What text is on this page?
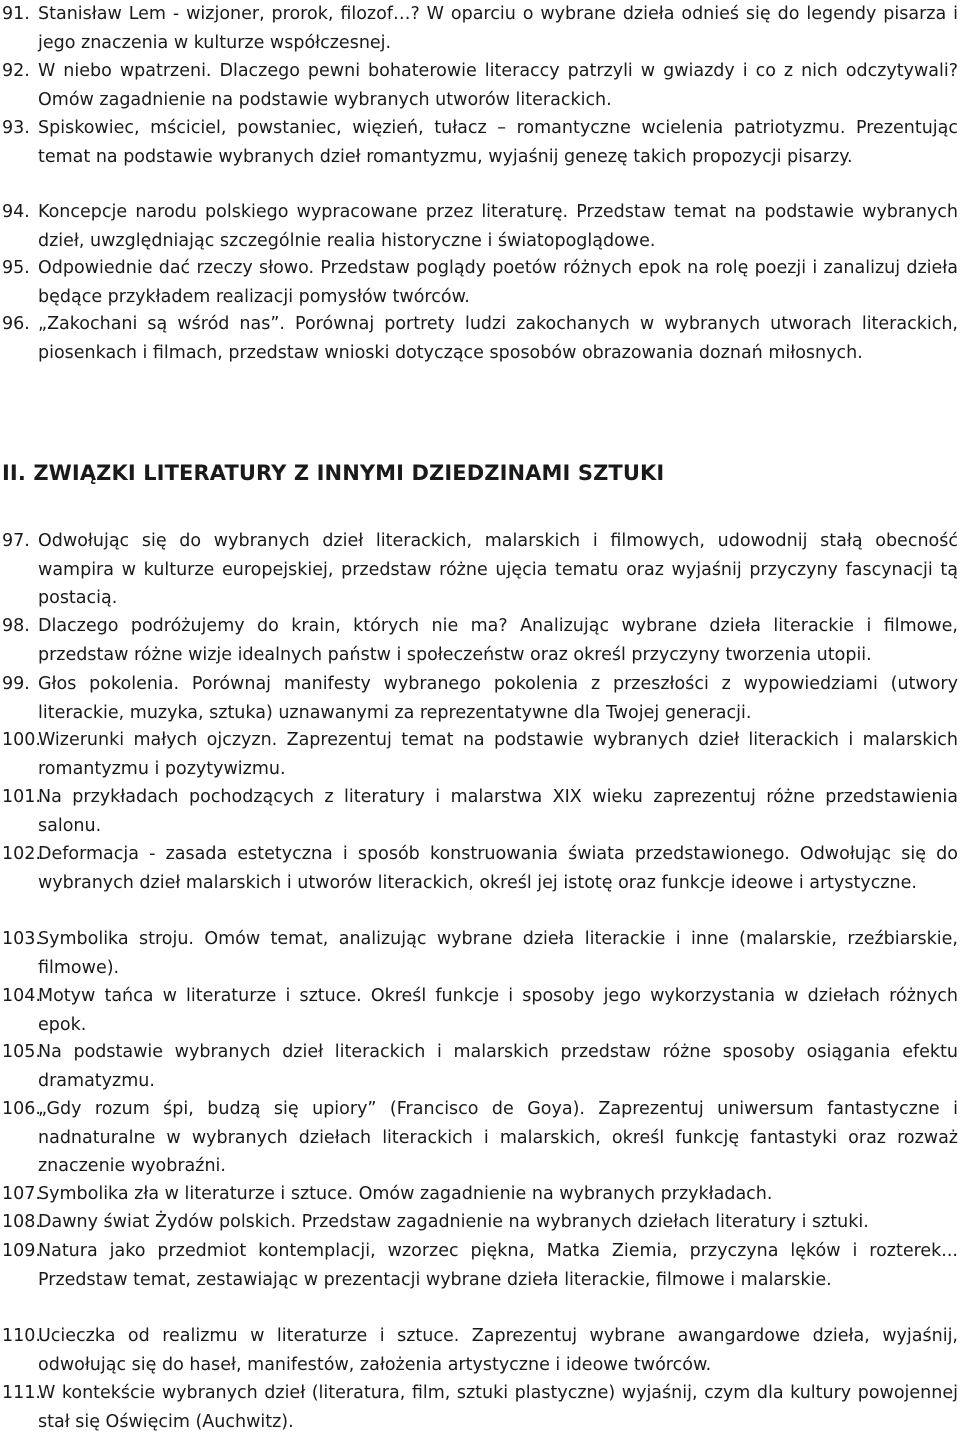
91. Stanisław Lem - wizjoner, prorok, filozof…? W oparciu o wybrane dzieła odnieś się do legendy pisarza i jego znaczenia w kulturze współczesnej.
92. W niebo wpatrzeni. Dlaczego pewni bohaterowie literaccy patrzyli w gwiazdy i co z nich odczytywali? Omów zagadnienie na podstawie wybranych utworów literackich.
93. Spiskowiec, mściciel, powstaniec, więzień, tułacz – romantyczne wcielenia patriotyzmu. Prezentując temat na podstawie wybranych dzieł romantyzmu, wyjaśnij genezę takich propozycji pisarzy.
94. Koncepcje narodu polskiego wypracowane przez literaturę. Przedstaw temat na podstawie wybranych dzieł, uwzględniając szczególnie realia historyczne i światopoglądowe.
95. Odpowiednie dać rzeczy słowo. Przedstaw poglądy poetów różnych epok na rolę poezji i zanalizuj dzieła będące przykładem realizacji pomysłów twórców.
96. „Zakochani są wśród nas”. Porównaj portrety ludzi zakochanych w wybranych utworach literackich, piosenkach i filmach, przedstaw wnioski dotyczące sposobów obrazowania doznań miłosnych.
II. ZWIĄZKI LITERATURY Z INNYMI DZIEDZINAMI SZTUKI
97. Odwołując się do wybranych dzieł literackich, malarskich i filmowych, udowodnij stałą obecność wampira w kulturze europejskiej, przedstaw różne ujęcia tematu oraz wyjaśnij przyczyny fascynacji tą postacią.
98. Dlaczego podróżujemy do krain, których nie ma? Analizując wybrane dzieła literackie i filmowe, przedstaw różne wizje idealnych państw i społeczeństw oraz określ przyczyny tworzenia utopii.
99. Głos pokolenia. Porównaj manifesty wybranego pokolenia z przeszłości z wypowiedziami (utwory literackie, muzyka, sztuka) uznawanymi za reprezentatywne dla Twojej generacji.
100.
Wizerunki małych ojczyzn. Zaprezentuj temat na podstawie wybranych dzieł literackich i malarskich romantyzmu i pozytywizmu.
101.
Na przykładach pochodzących z literatury i malarstwa XIX wieku zaprezentuj różne przedstawienia salonu.
102.
Deformacja - zasada estetyczna i sposób konstruowania świata przedstawionego. Odwołując się do wybranych dzieł malarskich i utworów literackich, określ jej istotę oraz funkcje ideowe i artystyczne.
103.
Symbolika stroju. Omów temat, analizując wybrane dzieła literackie i inne (malarskie, rzeźbiarskie, filmowe).
104.
Motyw tańca w literaturze i sztuce. Określ funkcje i sposoby jego wykorzystania w dziełach różnych epok.
105.
Na podstawie wybranych dzieł literackich i malarskich przedstaw różne sposoby osiągania efektu dramatyzmu.
106.
„Gdy rozum śpi, budzą się upiory” (Francisco de Goya). Zaprezentuj uniwersum fantastyczne i nadnaturalne w wybranych dziełach literackich i malarskich, określ funkcję fantastyki oraz rozważ znaczenie wyobraźni.
107.
Symbolika zła w literaturze i sztuce. Omów zagadnienie na wybranych przykładach.
108.
Dawny świat Żydów polskich. Przedstaw zagadnienie na wybranych dziełach literatury i sztuki.
109.
Natura jako przedmiot kontemplacji, wzorzec piękna, Matka Ziemia, przyczyna lęków i rozterek... Przedstaw temat, zestawiając w prezentacji wybrane dzieła literackie, filmowe i malarskie.
110.
Ucieczka od realizmu w literaturze i sztuce. Zaprezentuj wybrane awangardowe dzieła, wyjaśnij, odwołując się do haseł, manifestów, założenia artystyczne i ideowe twórców.
111.
W kontekście wybranych dzieł (literatura, film, sztuki plastyczne) wyjaśnij, czym dla kultury powojennej stał się Oświęcim (Auchwitz).
